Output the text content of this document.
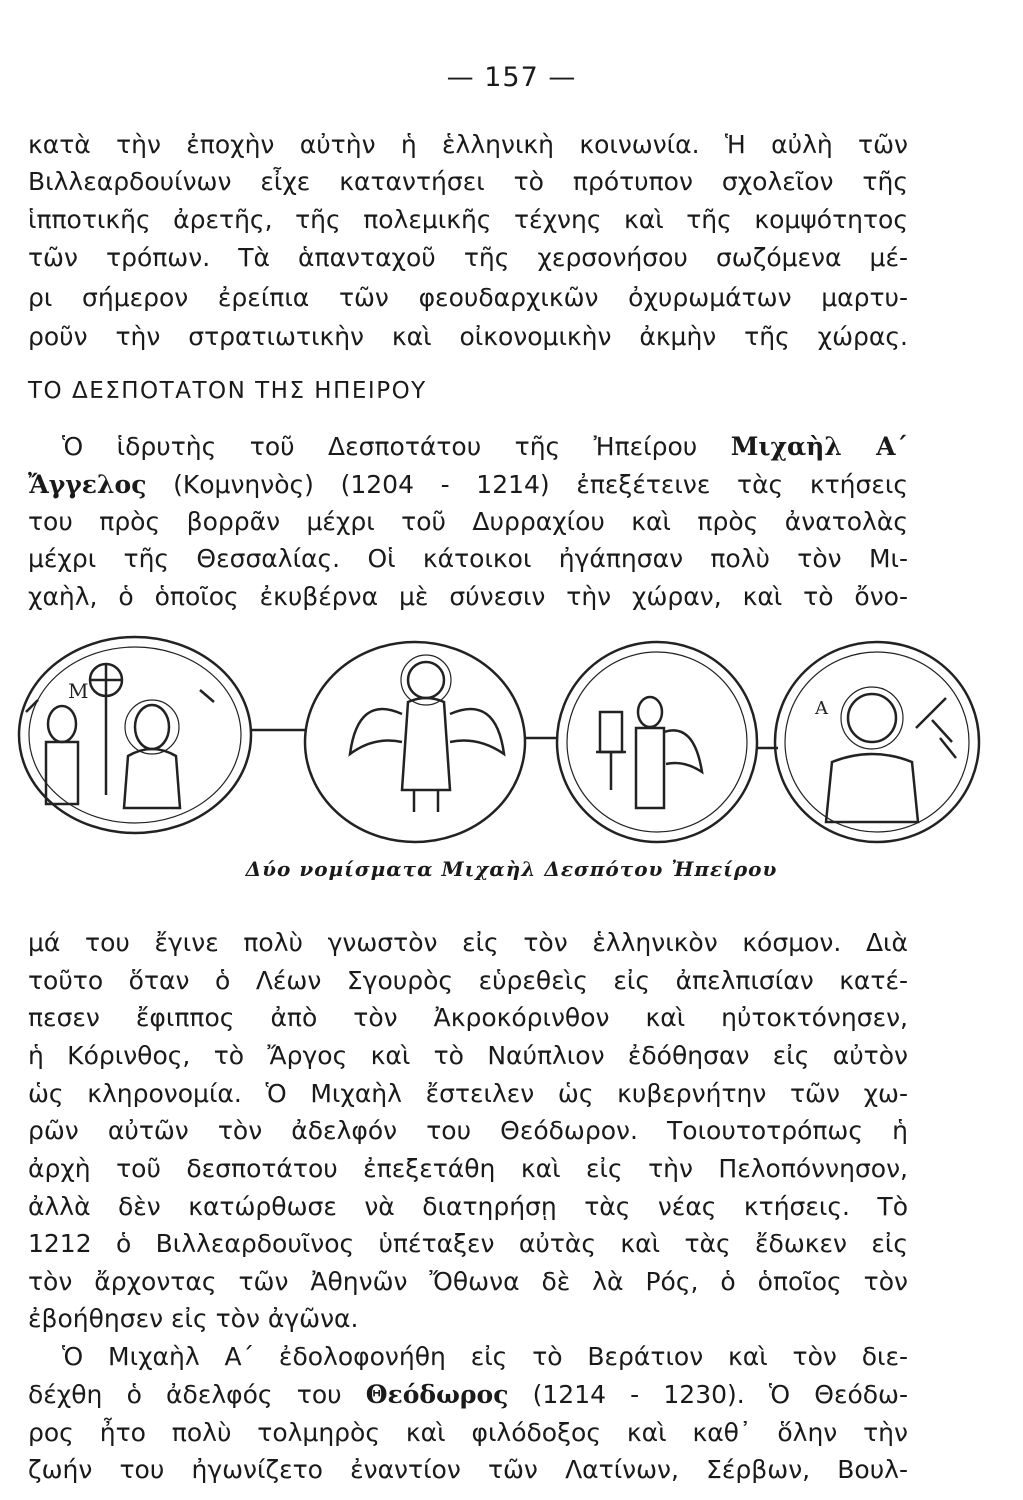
— 157 —
κατὰ τὴν ἐποχὴν αὐτὴν ἡ ἑλληνικὴ κοινωνία. Ἡ αὐλὴ τῶν
Βιλλεαρδουίνων εἶχε καταντήσει τὸ πρότυπον σχολεῖον τῆς
ἱπποτικῆς ἀρετῆς, τῆς πολεμικῆς τέχνης καὶ τῆς κομψότητος
τῶν τρόπων. Τὰ ἁπανταχοῦ τῆς χερσονήσου σωζόμενα μέ-
ρι σήμερον ἐρείπια τῶν φεουδαρχικῶν ὀχυρωμάτων μαρτυ-
ροῦν τὴν στρατιωτικὴν καὶ οἰκονομικὴν ἀκμὴν τῆς χώρας.
ΤΟ ΔΕΣΠΟΤΑΤΟΝ ΤΗΣ ΗΠΕΙΡΟΥ
Ὁ ἱδρυτὴς τοῦ Δεσποτάτου τῆς Ἠπείρου Μιχαὴλ Α΄
Ἄγγελος (Κομνηνὸς) (1204 - 1214) ἐπεξέτεινε τὰς κτήσεις
του πρὸς βορρᾶν μέχρι τοῦ Δυρραχίου καὶ πρὸς ἀνατολὰς
μέχρι τῆς Θεσσαλίας. Οἱ κάτοικοι ἠγάπησαν πολὺ τὸν Μι-
χαὴλ, ὁ ὁποῖος ἐκυβέρνα μὲ σύνεσιν τὴν χώραν, καὶ τὸ ὄνο-
Μ
Α
Δύο νομίσματα Μιχαὴλ Δεσπότου Ἠπείρου
μά του ἔγινε πολὺ γνωστὸν εἰς τὸν ἑλληνικὸν κόσμον. Διὰ
τοῦτο ὅταν ὁ Λέων Σγουρὸς εὑρεθεὶς εἰς ἀπελπισίαν κατέ-
πεσεν ἔφιππος ἀπὸ τὸν Ἀκροκόρινθον καὶ ηὐτοκτόνησεν,
ἡ Κόρινθος, τὸ Ἄργος καὶ τὸ Ναύπλιον ἐδόθησαν εἰς αὐτὸν
ὡς κληρονομία. Ὁ Μιχαὴλ ἔστειλεν ὡς κυβερνήτην τῶν χω-
ρῶν αὐτῶν τὸν ἀδελφόν του Θεόδωρον. Τοιουτοτρόπως ἡ
ἀρχὴ τοῦ δεσποτάτου ἐπεξετάθη καὶ εἰς τὴν Πελοπόννησον,
ἀλλὰ δὲν κατώρθωσε νὰ διατηρήσῃ τὰς νέας κτήσεις. Τὸ
1212 ὁ Βιλλεαρδουῖνος ὑπέταξεν αὐτὰς καὶ τὰς ἔδωκεν εἰς
τὸν ἄρχοντας τῶν Ἀθηνῶν Ὄθωνα δὲ λὰ Ρός, ὁ ὁποῖος τὸν
ἐβοήθησεν εἰς τὸν ἀγῶνα.
Ὁ Μιχαὴλ Α΄ ἐδολοφονήθη εἰς τὸ Βεράτιον καὶ τὸν διε-
δέχθη ὁ ἀδελφός του Θεόδωρος (1214 - 1230). Ὁ Θεόδω-
ρος ἦτο πολὺ τολμηρὸς καὶ φιλόδοξος καὶ καθ᾽ ὅλην τὴν
ζωήν του ἠγωνίζετο ἐναντίον τῶν Λατίνων, Σέρβων, Βουλ-
